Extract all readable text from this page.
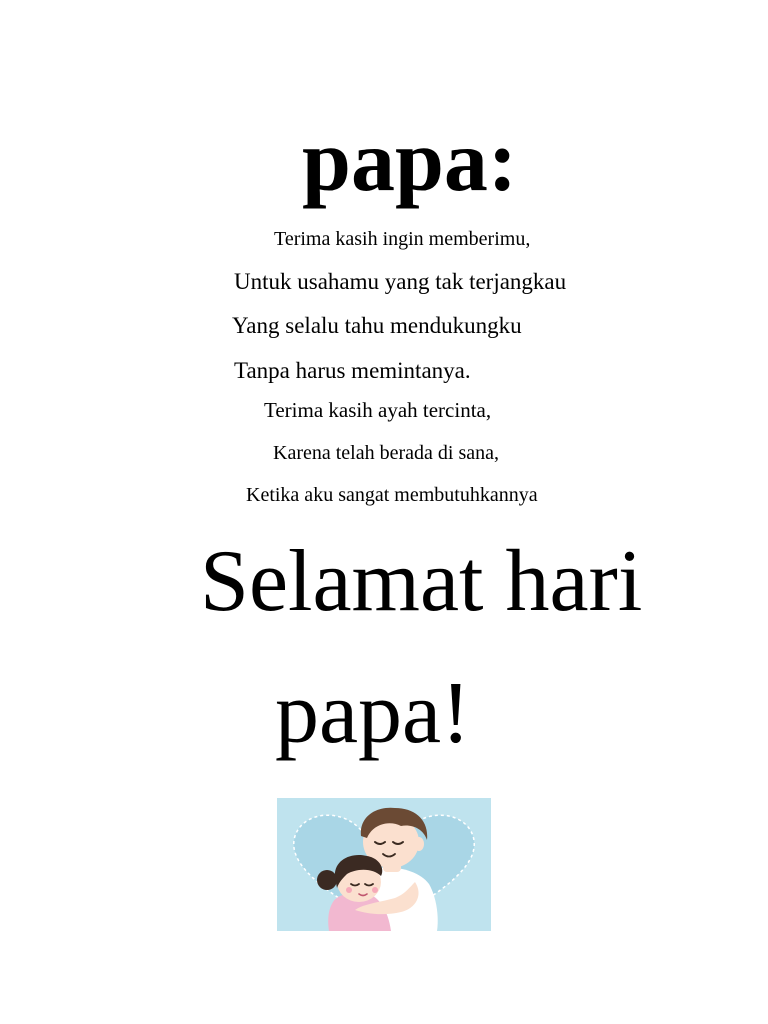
papa:

Terima kasih ingin memberimu,

Untuk usahamu yang tak terjangkau

Yang selalu tahu mendukungku

Tanpa harus memintanya.

Terima kasih ayah tercinta,

Karena telah berada di sana,

Ketika aku sangat membutuhkannya

Selamat hari

papa!
